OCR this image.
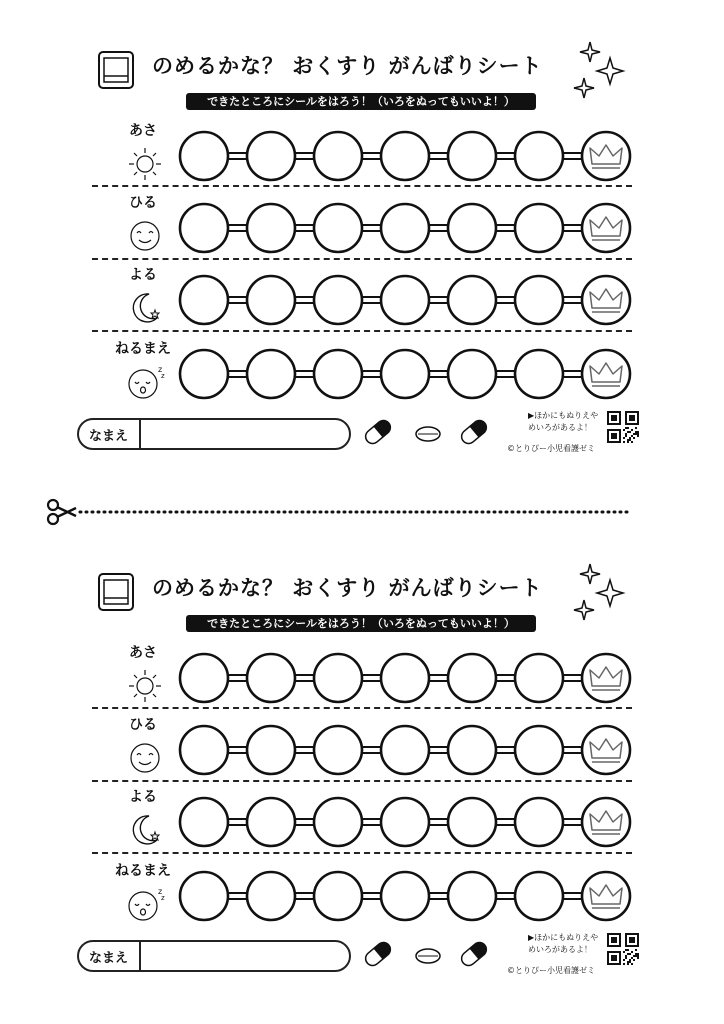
のめるかな？ おくすり がんばりシート
できたところにシールをはろう！（いろをぬってもいいよ！）
あさ
ひる
よる
ねるまえ
z
z
なまえ
▶ほかにもぬりえや
めいろがあるよ！
©とりぴー小児看護ゼミ
のめるかな？ おくすり がんばりシート
できたところにシールをはろう！（いろをぬってもいいよ！）
あさ
ひる
よる
ねるまえ
z
z
なまえ
▶ほかにもぬりえや
めいろがあるよ！
©とりぴー小児看護ゼミ
